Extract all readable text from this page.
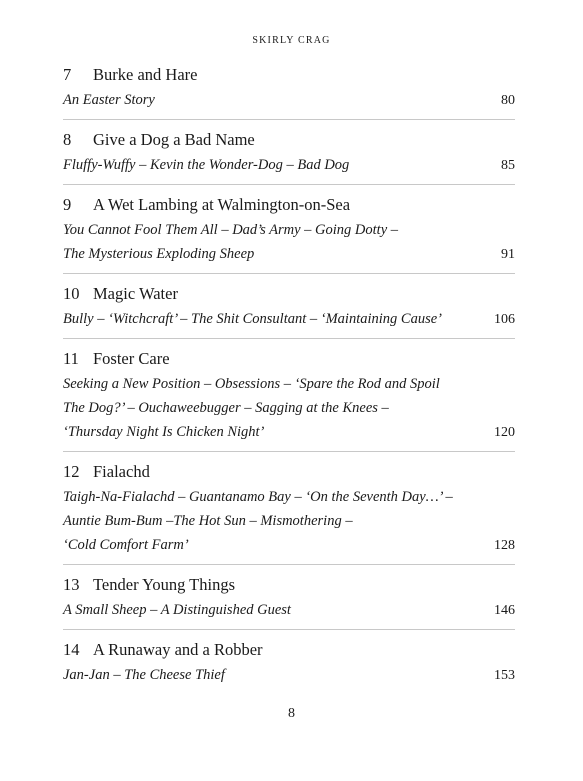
SKIRLY CRAG
7 Burke and Hare
An Easter Story	80
8 Give a Dog a Bad Name
Fluffy-Wuffy – Kevin the Wonder-Dog – Bad Dog	85
9 A Wet Lambing at Walmington-on-Sea
You Cannot Fool Them All – Dad’s Army – Going Dotty –
The Mysterious Exploding Sheep	91
10 Magic Water
Bully – ‘Witchcraft’ – The Shit Consultant – ‘Maintaining Cause’	106
11 Foster Care
Seeking a New Position – Obsessions – ‘Spare the Rod and Spoil
The Dog?’ – Ouchaweebugger – Sagging at the Knees –
‘Thursday Night Is Chicken Night’	120
12 Fialachd
Taigh-Na-Fialachd – Guantanamo Bay – ‘On the Seventh Day…’ –
Auntie Bum-Bum –The Hot Sun – Mismothering –
‘Cold Comfort Farm’	128
13 Tender Young Things
A Small Sheep – A Distinguished Guest	146
14 A Runaway and a Robber
Jan-Jan – The Cheese Thief	153
8
